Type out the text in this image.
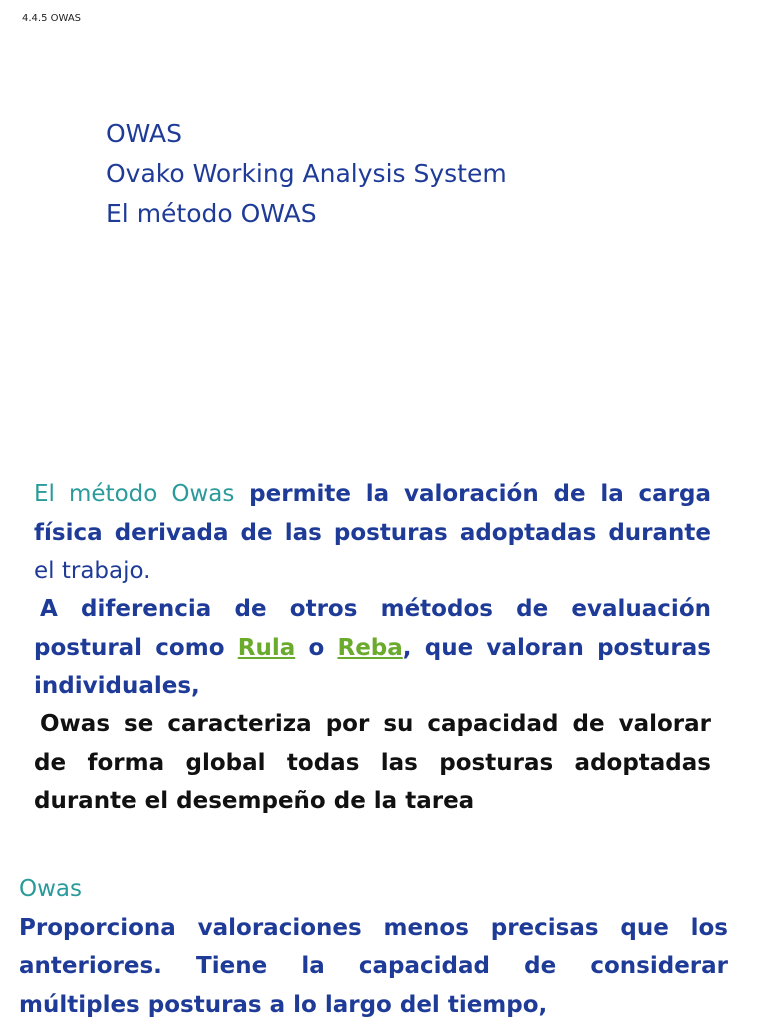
4.4.5 OWAS
OWAS
Ovako Working Analysis System
El método OWAS
El método Owas permite la valoración de la carga
física derivada de las posturas adoptadas durante
el trabajo.
A diferencia de otros métodos de evaluación
postural como Rula o Reba, que valoran posturas
individuales,
Owas se caracteriza por su capacidad de valorar
de forma global todas las posturas adoptadas
durante el desempeño de la tarea
Owas
Proporciona valoraciones menos precisas que los
anteriores. Tiene la capacidad de considerar
múltiples posturas a lo largo del tiempo,
